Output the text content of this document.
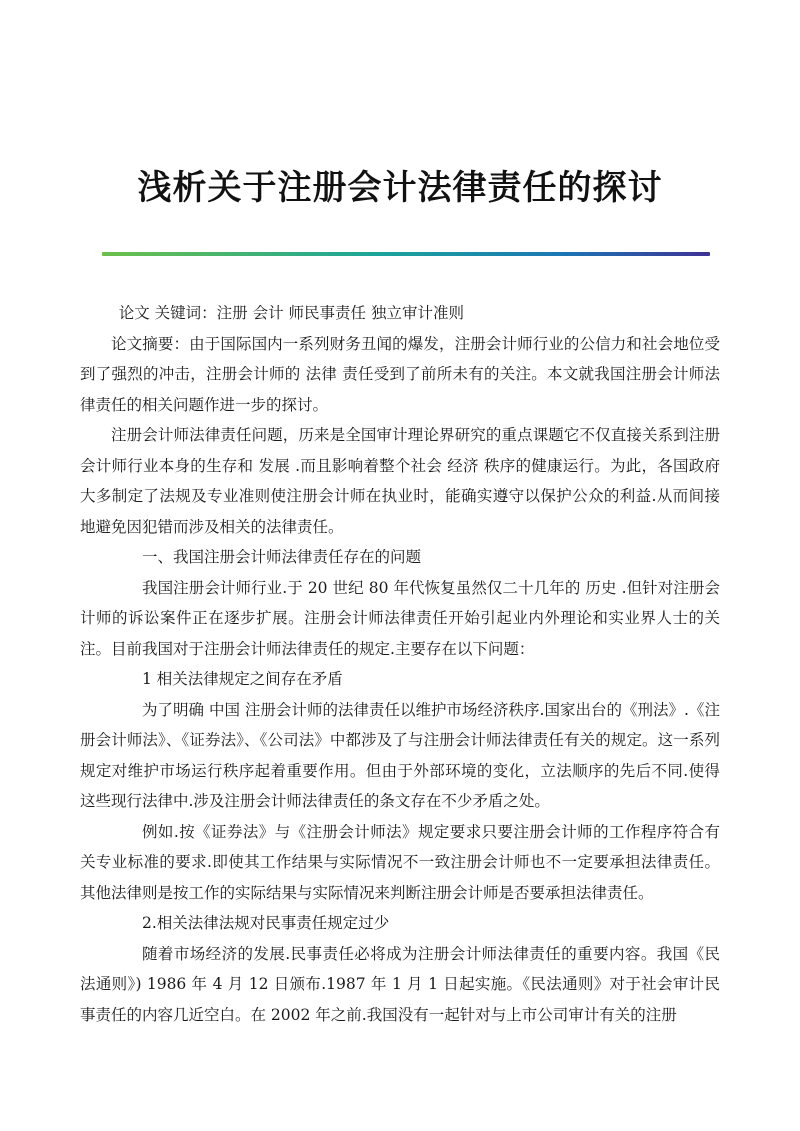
浅析关于注册会计法律责任的探讨

论文 关键词：注册 会计 师民事责任 独立审计准则

论文摘要：由于国际国内一系列财务丑闻的爆发，注册会计师行业的公信力和社会地位受到了强烈的冲击，注册会计师的 法律 责任受到了前所未有的关注。本文就我国注册会计师法律责任的相关问题作进一步的探讨。

注册会计师法律责任问题，历来是全国审计理论界研究的重点课题它不仅直接关系到注册会计师行业本身的生存和 发展 .而且影响着整个社会 经济 秩序的健康运行。为此，各国政府大多制定了法规及专业准则使注册会计师在执业时，能确实遵守以保护公众的利益.从而间接地避免因犯错而涉及相关的法律责任。

一、我国注册会计师法律责任存在的问题

我国注册会计师行业.于 20 世纪 80 年代恢复虽然仅二十几年的 历史 .但针对注册会计师的诉讼案件正在逐步扩展。注册会计师法律责任开始引起业内外理论和实业界人士的关注。目前我国对于注册会计师法律责任的规定.主要存在以下问题：

1 相关法律规定之间存在矛盾

为了明确 中国 注册会计师的法律责任以维护市场经济秩序.国家出台的《刑法》.《注册会计师法》、《证券法》、《公司法》中都涉及了与注册会计师法律责任有关的规定。这一系列规定对维护市场运行秩序起着重要作用。但由于外部环境的变化，立法顺序的先后不同.使得这些现行法律中.涉及注册会计师法律责任的条文存在不少矛盾之处。

例如.按《证券法》与《注册会计师法》规定要求只要注册会计师的工作程序符合有关专业标准的要求.即使其工作结果与实际情况不一致注册会计师也不一定要承担法律责任。其他法律则是按工作的实际结果与实际情况来判断注册会计师是否要承担法律责任。

2.相关法律法规对民事责任规定过少

随着市场经济的发展.民事责任必将成为注册会计师法律责任的重要内容。我国《民法通则》) 1986 年 4 月 12 日颁布.1987 年 1 月 1 日起实施。《民法通则》对于社会审计民事责任的内容几近空白。在 2002 年之前.我国没有一起针对与上市公司审计有关的注册
